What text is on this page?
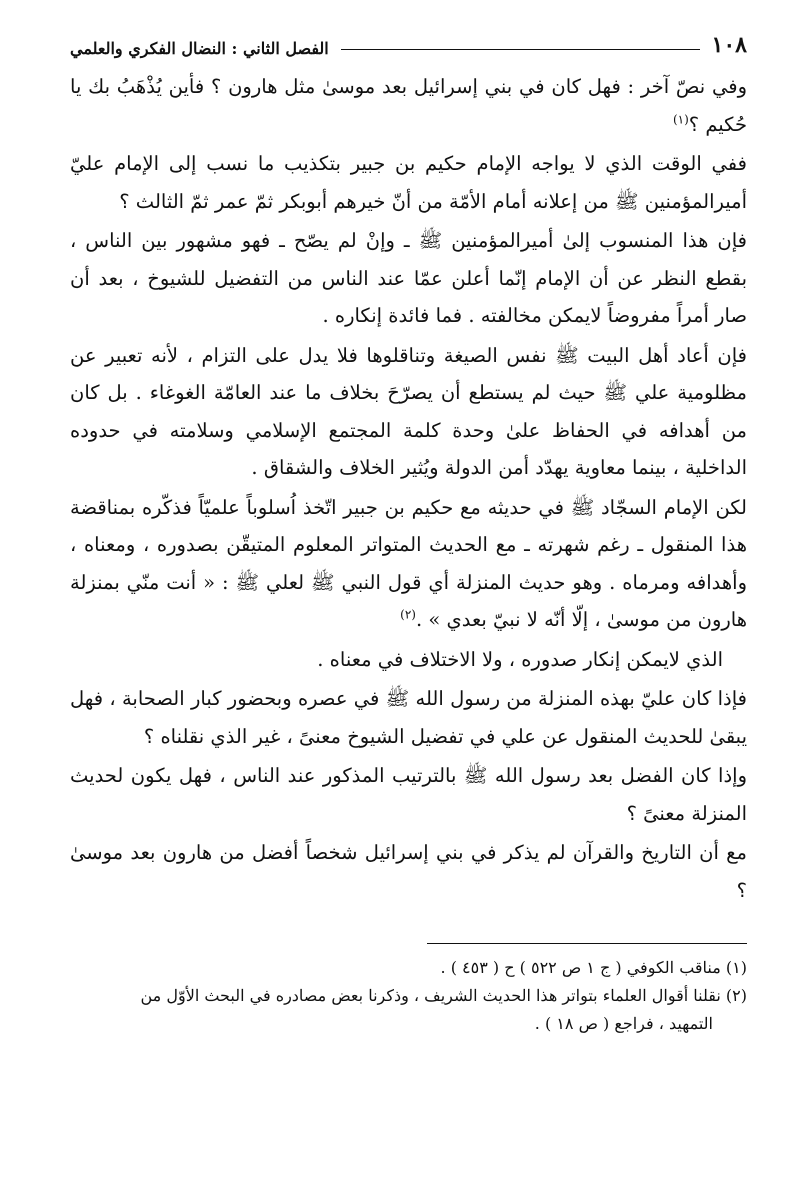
١٠٨
الفصل الثاني : النضال الفكري والعلمي

وفي نصّ آخر : فهل كان في بني إسرائيل بعد موسىٰ مثل هارون ؟ فأين يُذْهَبُ بك يا حُكيم ؟$^{(١)}$

ففي الوقت الذي لا يواجه الإمام حكيم بن جبير بتكذيب ما نسب إلى الإمام عليّ أميرالمؤمنين ﷺ من إعلانه أمام الأمّة من أنّ خيرهم أبوبكر ثمّ عمر ثمّ الثالث ؟

فإن هذا المنسوب إلىٰ أميرالمؤمنين ﷺ ـ وإنْ لم يصّح ـ فهو مشهور بين الناس ، بقطع النظر عن أن الإمام إنّما أعلن عمّا عند الناس من التفضيل للشيوخ ، بعد أن صار أمراً مفروضاً لايمكن مخالفته . فما فائدة إنكاره .

فإن أعاد أهل البيت ﷺ نفس الصيغة وتناقلوها فلا يدل على التزام ، لأنه تعبير عن مظلومية علي ﷺ حيث لم يستطع أن يصرّحَ بخلاف ما عند العامّة الغوغاء . بل كان من أهدافه في الحفاظ علىٰ وحدة كلمة المجتمع الإسلامي وسلامته في حدوده الداخلية ، بينما معاوية يهدّد أمن الدولة ويُثير الخلاف والشقاق .

لكن الإمام السجّاد ﷺ في حديثه مع حكيم بن جبير اتّخذ اُسلوباً علميّاً فذكّره بمناقضة هذا المنقول ـ رغم شهرته ـ مع الحديث المتواتر المعلوم المتيقّن بصدوره ، ومعناه ، وأهدافه ومرماه . وهو حديث المنزلة أي قول النبي ﷺ لعلي ﷺ : « أنت منّي بمنزلة هارون من موسىٰ ، إلّا أنّه لا نبيّ بعدي » .$^{(٢)}$

الذي لايمكن إنكار صدوره ، ولا الاختلاف في معناه .

فإذا كان عليّ بهذه المنزلة من رسول الله ﷺ في عصره وبحضور كبار الصحابة ، فهل يبقىٰ للحديث المنقول عن علي في تفضيل الشيوخ معنىً ، غير الذي نقلناه ؟

وإذا كان الفضل بعد رسول الله ﷺ بالترتيب المذكور عند الناس ، فهل يكون لحديث المنزلة معنىً ؟

مع أن التاريخ والقرآن لم يذكر في بني إسرائيل شخصاً أفضل من هارون بعد موسىٰ ؟

(١) مناقب الكوفي ( ج ١ ص ٥٢٢ ) ح ( ٤٥٣ ) .

(٢) نقلنا أقوال العلماء بتواتر هذا الحديث الشريف ، وذكرنا بعض مصادره في البحث الأوّل من

التمهيد ، فراجع ( ص ١٨ ) .
